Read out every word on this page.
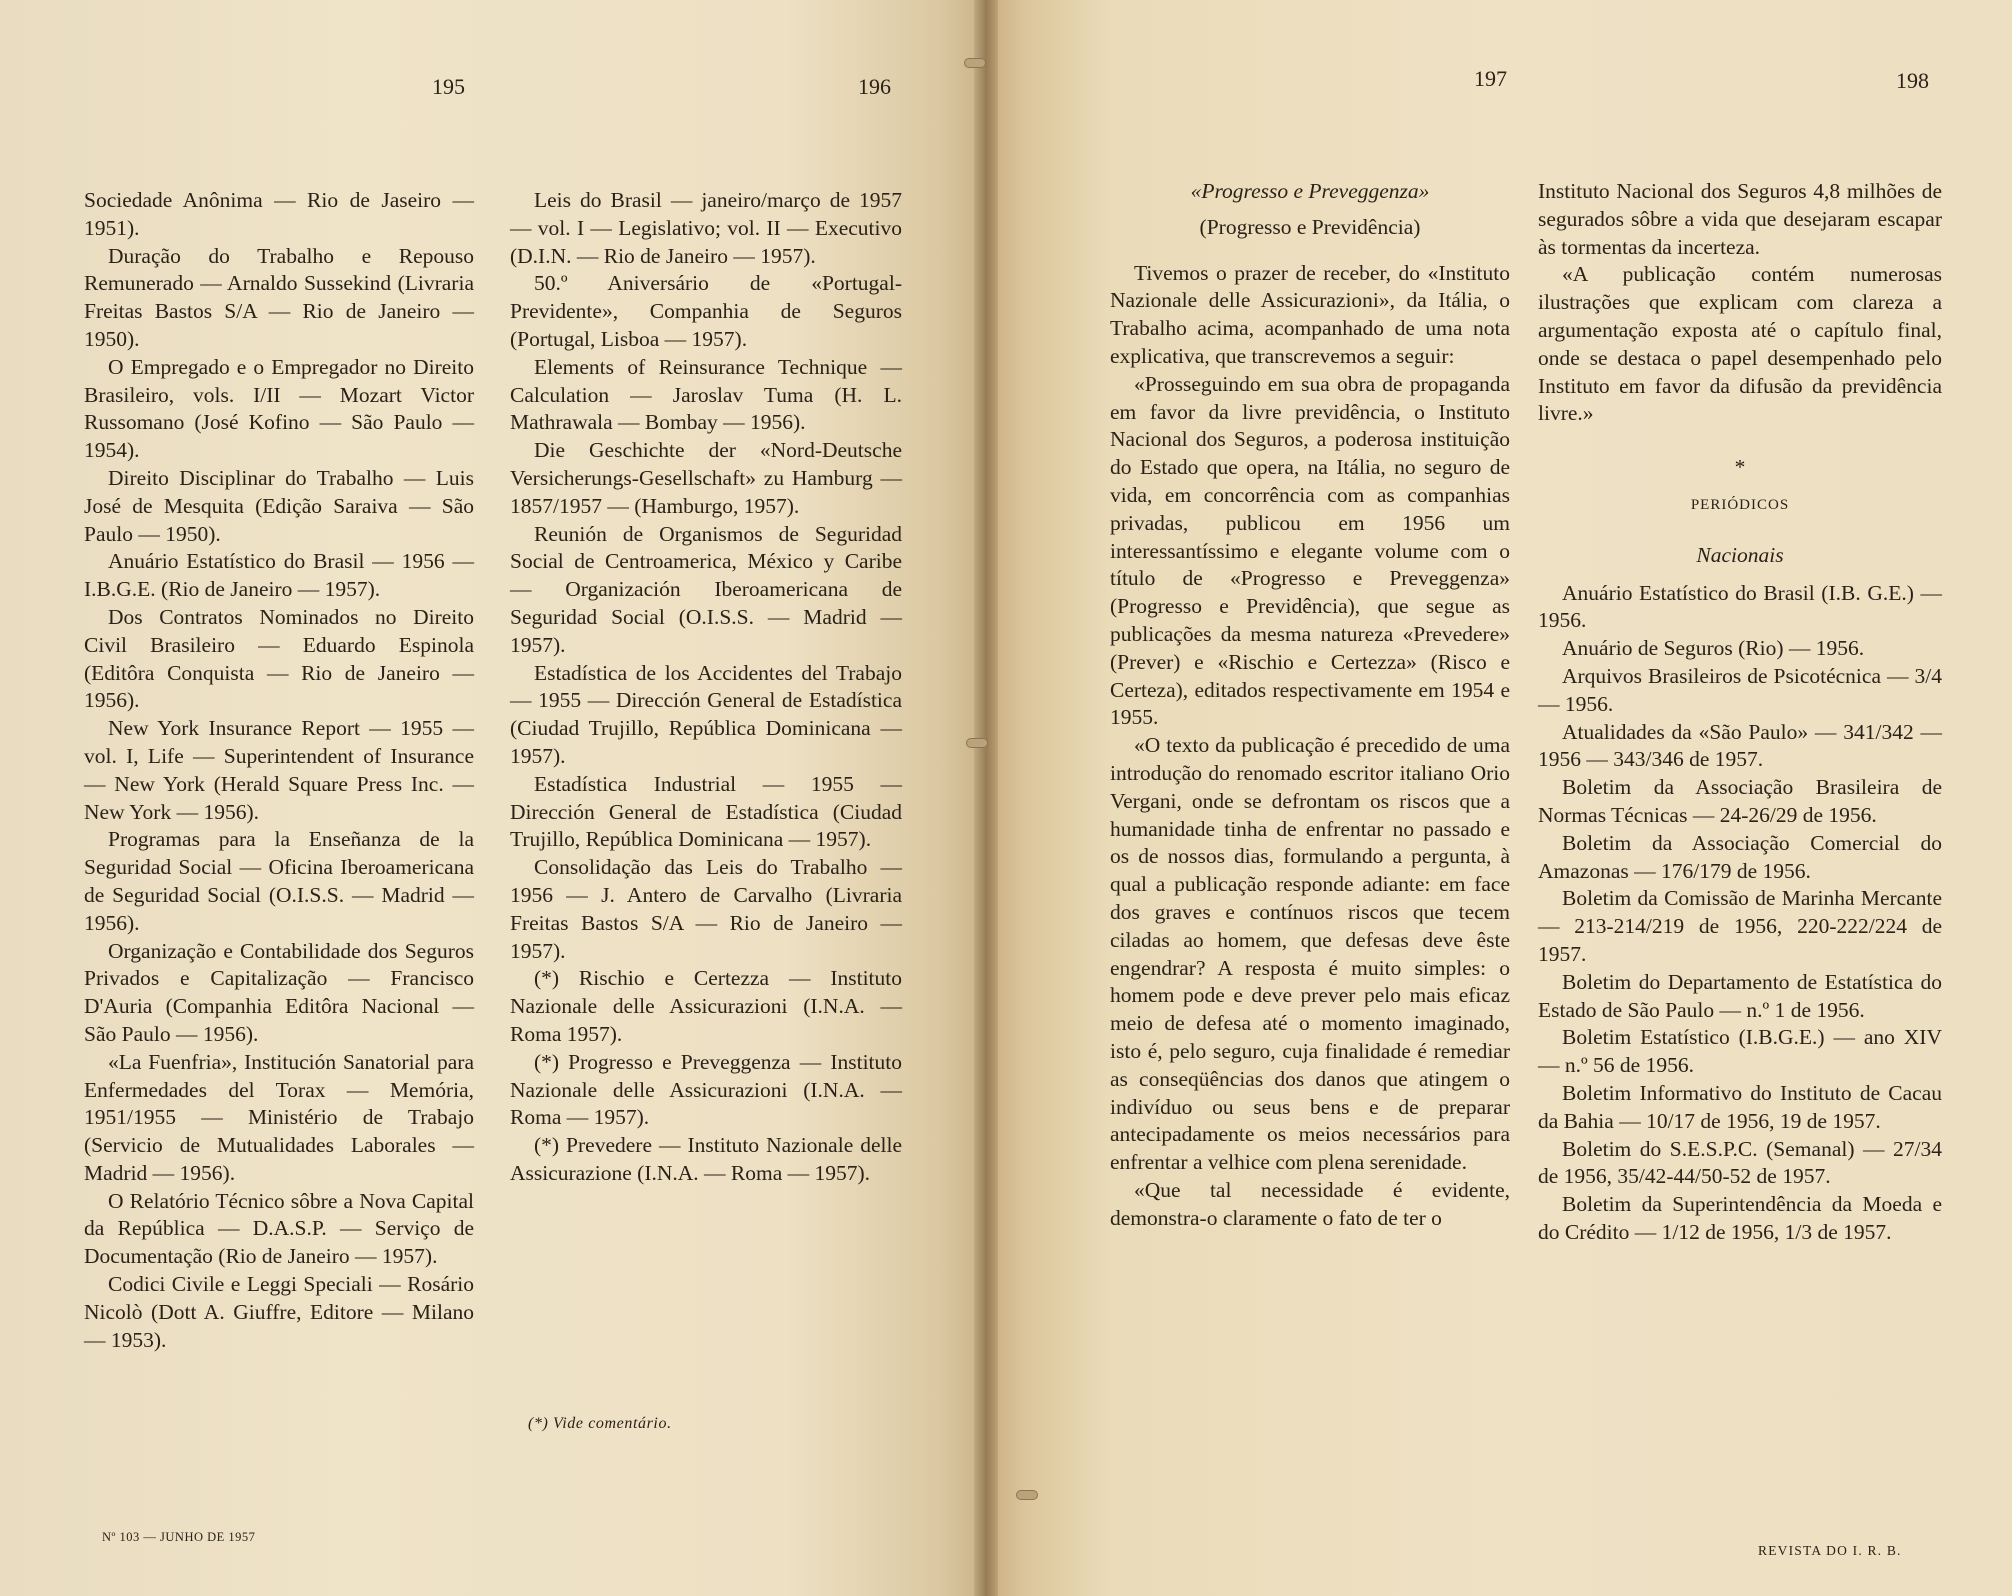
195	196	197	198

Sociedade Anônima — Rio de Jaseiro — 1951).

Duração do Trabalho e Repouso Remunerado — Arnaldo Sussekind (Livraria Freitas Bastos S/A — Rio de Janeiro — 1950).

O Empregado e o Empregador no Direito Brasileiro, vols. I/II — Mozart Victor Russomano (José Kofino — São Paulo — 1954).

Direito Disciplinar do Trabalho — Luis José de Mesquita (Edição Saraiva — São Paulo — 1950).

Anuário Estatístico do Brasil — 1956 — I.B.G.E. (Rio de Janeiro — 1957).

Dos Contratos Nominados no Direito Civil Brasileiro — Eduardo Espinola (Editôra Conquista — Rio de Janeiro — 1956).

New York Insurance Report — 1955 — vol. I, Life — Superintendent of Insurance — New York (Herald Square Press Inc. — New York — 1956).

Programas para la Enseñanza de la Seguridad Social — Oficina Iberoamericana de Seguridad Social (O.I.S.S. — Madrid — 1956).

Organização e Contabilidade dos Seguros Privados e Capitalização — Francisco D'Auria (Companhia Editôra Nacional — São Paulo — 1956).

«La Fuenfria», Institución Sanatorial para Enfermedades del Torax — Memória, 1951/1955 — Ministério de Trabajo (Servicio de Mutualidades Laborales — Madrid — 1956).

O Relatório Técnico sôbre a Nova Capital da República — D.A.S.P. — Serviço de Documentação (Rio de Janeiro — 1957).

Codici Civile e Leggi Speciali — Rosário Nicolò (Dott A. Giuffre, Editore — Milano — 1953).

Leis do Brasil — janeiro/março de 1957 — vol. I — Legislativo; vol. II — Executivo (D.I.N. — Rio de Janeiro — 1957).

50.º Aniversário de «Portugal-Previdente», Companhia de Seguros (Portugal, Lisboa — 1957).

Elements of Reinsurance Technique — Calculation — Jaroslav Tuma (H. L. Mathrawala — Bombay — 1956).

Die Geschichte der «Nord-Deutsche Versicherungs-Gesellschaft» zu Hamburg — 1857/1957 — (Hamburgo, 1957).

Reunión de Organismos de Seguridad Social de Centroamerica, México y Caribe — Organización Iberoamericana de Seguridad Social (O.I.S.S. — Madrid — 1957).

Estadística de los Accidentes del Trabajo — 1955 — Dirección General de Estadística (Ciudad Trujillo, República Dominicana — 1957).

Estadística Industrial — 1955 — Dirección General de Estadística (Ciudad Trujillo, República Dominicana — 1957).

Consolidação das Leis do Trabalho — 1956 — J. Antero de Carvalho (Livraria Freitas Bastos S/A — Rio de Janeiro — 1957).

(*) Rischio e Certezza — Instituto Nazionale delle Assicurazioni (I.N.A. — Roma 1957).

(*) Progresso e Preveggenza — Instituto Nazionale delle Assicurazioni (I.N.A. — Roma — 1957).

(*) Prevedere — Instituto Nazionale delle Assicurazione (I.N.A. — Roma — 1957).

(*) Vide comentário.
Nº 103 — JUNHO DE 1957

«Progresso e Preveggenza»

(Progresso e Previdência)

Tivemos o prazer de receber, do «Instituto Nazionale delle Assicurazioni», da Itália, o Trabalho acima, acompanhado de uma nota explicativa, que transcrevemos a seguir:

«Prosseguindo em sua obra de propaganda em favor da livre previdência, o Instituto Nacional dos Seguros, a poderosa instituição do Estado que opera, na Itália, no seguro de vida, em concorrência com as companhias privadas, publicou em 1956 um interessantíssimo e elegante volume com o título de «Progresso e Preveggenza» (Progresso e Previdência), que segue as publicações da mesma natureza «Prevedere» (Prever) e «Rischio e Certezza» (Risco e Certeza), editados respectivamente em 1954 e 1955.

«O texto da publicação é precedido de uma introdução do renomado escritor italiano Orio Vergani, onde se defrontam os riscos que a humanidade tinha de enfrentar no passado e os de nossos dias, formulando a pergunta, à qual a publicação responde adiante: em face dos graves e contínuos riscos que tecem ciladas ao homem, que defesas deve êste engendrar? A resposta é muito simples: o homem pode e deve prever pelo mais eficaz meio de defesa até o momento imaginado, isto é, pelo seguro, cuja finalidade é remediar as conseqüências dos danos que atingem o indivíduo ou seus bens e de preparar antecipadamente os meios necessários para enfrentar a velhice com plena serenidade.

«Que tal necessidade é evidente, demonstra-o claramente o fato de ter o

Instituto Nacional dos Seguros 4,8 milhões de segurados sôbre a vida que desejaram escapar às tormentas da incerteza.

«A publicação contém numerosas ilustrações que explicam com clareza a argumentação exposta até o capítulo final, onde se destaca o papel desempenhado pelo Instituto em favor da difusão da previdência livre.»

*

PERIÓDICOS

Nacionais

Anuário Estatístico do Brasil (I.B. G.E.) — 1956.

Anuário de Seguros (Rio) — 1956.

Arquivos Brasileiros de Psicotécnica — 3/4 — 1956.

Atualidades da «São Paulo» — 341/342 — 1956 — 343/346 de 1957.

Boletim da Associação Brasileira de Normas Técnicas — 24-26/29 de 1956.

Boletim da Associação Comercial do Amazonas — 176/179 de 1956.

Boletim da Comissão de Marinha Mercante — 213-214/219 de 1956, 220-222/224 de 1957.

Boletim do Departamento de Estatística do Estado de São Paulo — n.º 1 de 1956.

Boletim Estatístico (I.B.G.E.) — ano XIV — n.º 56 de 1956.

Boletim Informativo do Instituto de Cacau da Bahia — 10/17 de 1956, 19 de 1957.

Boletim do S.E.S.P.C. (Semanal) — 27/34 de 1956, 35/42-44/50-52 de 1957.

Boletim da Superintendência da Moeda e do Crédito — 1/12 de 1956, 1/3 de 1957.

REVISTA DO I. R. B.
